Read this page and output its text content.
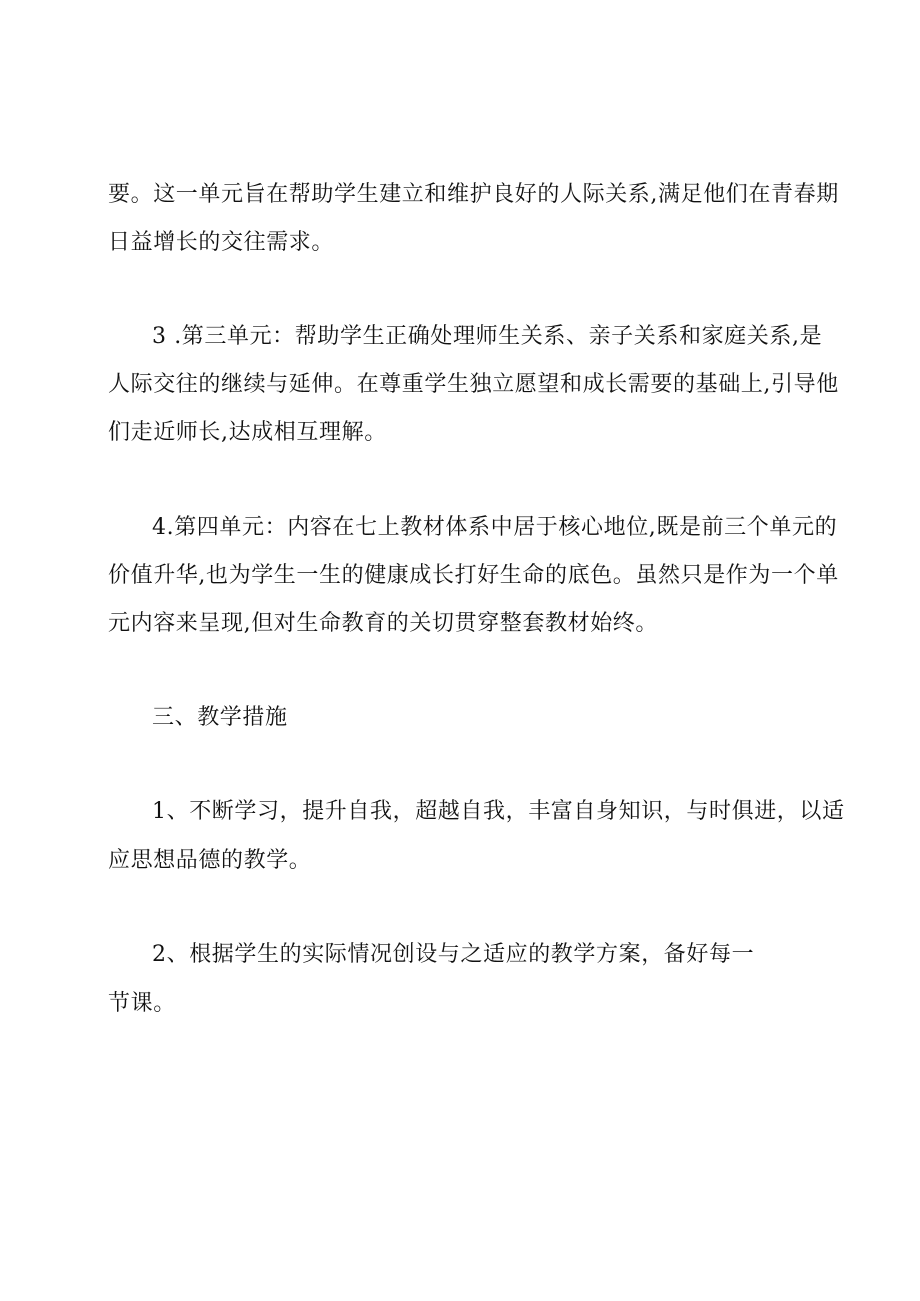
要。这一单元旨在帮助学生建立和维护良好的人际关系,满足他们在青春期
日益增长的交往需求。
3 .第三单元：帮助学生正确处理师生关系、亲子关系和家庭关系,是
人际交往的继续与延伸。在尊重学生独立愿望和成长需要的基础上,引导他
们走近师长,达成相互理解。
4.第四单元：内容在七上教材体系中居于核心地位,既是前三个单元的
价值升华,也为学生一生的健康成长打好生命的底色。虽然只是作为一个单
元内容来呈现,但对生命教育的关切贯穿整套教材始终。
三、教学措施
1、不断学习，提升自我，超越自我，丰富自身知识，与时俱进，以适
应思想品德的教学。
2、根据学生的实际情况创设与之适应的教学方案，备好每一
节课。
